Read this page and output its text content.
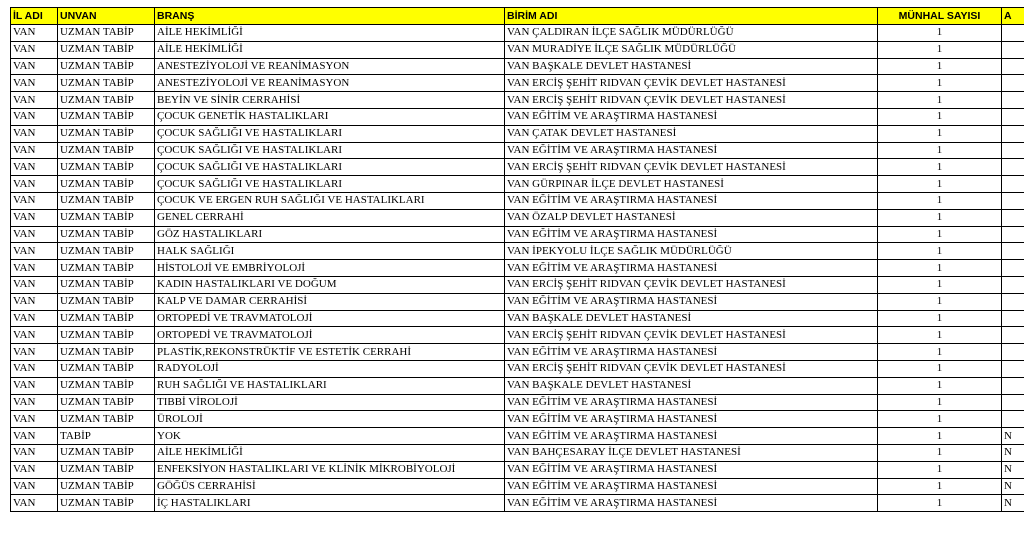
İL ADI	UNVAN	BRANŞ	BİRİM ADI	MÜNHAL SAYISI	A
VAN	UZMAN TABİP	AİLE HEKİMLİĞİ	VAN ÇALDIRAN İLÇE SAĞLIK MÜDÜRLÜĞÜ	1	
VAN	UZMAN TABİP	AİLE HEKİMLİĞİ	VAN MURADİYE İLÇE SAĞLIK MÜDÜRLÜĞÜ	1	
VAN	UZMAN TABİP	ANESTEZİYOLOJİ VE REANİMASYON	VAN BAŞKALE DEVLET HASTANESİ	1	
VAN	UZMAN TABİP	ANESTEZİYOLOJİ VE REANİMASYON	VAN ERCİŞ ŞEHİT RIDVAN ÇEVİK DEVLET HASTANESİ	1	
VAN	UZMAN TABİP	BEYİN VE SİNİR CERRAHİSİ	VAN ERCİŞ ŞEHİT RIDVAN ÇEVİK DEVLET HASTANESİ	1	
VAN	UZMAN TABİP	ÇOCUK GENETİK HASTALIKLARI	VAN EĞİTİM VE ARAŞTIRMA HASTANESİ	1	
VAN	UZMAN TABİP	ÇOCUK SAĞLIĞI VE HASTALIKLARI	VAN ÇATAK DEVLET HASTANESİ	1	
VAN	UZMAN TABİP	ÇOCUK SAĞLIĞI VE HASTALIKLARI	VAN EĞİTİM VE ARAŞTIRMA HASTANESİ	1	
VAN	UZMAN TABİP	ÇOCUK SAĞLIĞI VE HASTALIKLARI	VAN ERCİŞ ŞEHİT RIDVAN ÇEVİK DEVLET HASTANESİ	1	
VAN	UZMAN TABİP	ÇOCUK SAĞLIĞI VE HASTALIKLARI	VAN GÜRPINAR İLÇE DEVLET HASTANESİ	1	
VAN	UZMAN TABİP	ÇOCUK VE ERGEN RUH SAĞLIĞI VE HASTALIKLARI	VAN EĞİTİM VE ARAŞTIRMA HASTANESİ	1	
VAN	UZMAN TABİP	GENEL CERRAHİ	VAN ÖZALP DEVLET HASTANESİ	1	
VAN	UZMAN TABİP	GÖZ HASTALIKLARI	VAN EĞİTİM VE ARAŞTIRMA HASTANESİ	1	
VAN	UZMAN TABİP	HALK SAĞLIĞI	VAN İPEKYOLU İLÇE SAĞLIK MÜDÜRLÜĞÜ	1	
VAN	UZMAN TABİP	HİSTOLOJİ VE EMBRİYOLOJİ	VAN EĞİTİM VE ARAŞTIRMA HASTANESİ	1	
VAN	UZMAN TABİP	KADIN HASTALIKLARI VE DOĞUM	VAN ERCİŞ ŞEHİT RIDVAN ÇEVİK DEVLET HASTANESİ	1	
VAN	UZMAN TABİP	KALP VE DAMAR CERRAHİSİ	VAN EĞİTİM VE ARAŞTIRMA HASTANESİ	1	
VAN	UZMAN TABİP	ORTOPEDİ VE TRAVMATOLOJİ	VAN BAŞKALE DEVLET HASTANESİ	1	
VAN	UZMAN TABİP	ORTOPEDİ VE TRAVMATOLOJİ	VAN ERCİŞ ŞEHİT RIDVAN ÇEVİK DEVLET HASTANESİ	1	
VAN	UZMAN TABİP	PLASTİK,REKONSTRÜKTİF VE ESTETİK CERRAHİ	VAN EĞİTİM VE ARAŞTIRMA HASTANESİ	1	
VAN	UZMAN TABİP	RADYOLOJİ	VAN ERCİŞ ŞEHİT RIDVAN ÇEVİK DEVLET HASTANESİ	1	
VAN	UZMAN TABİP	RUH SAĞLIĞI VE HASTALIKLARI	VAN BAŞKALE DEVLET HASTANESİ	1	
VAN	UZMAN TABİP	TIBBİ VİROLOJİ	VAN EĞİTİM VE ARAŞTIRMA HASTANESİ	1	
VAN	UZMAN TABİP	ÜROLOJİ	VAN EĞİTİM VE ARAŞTIRMA HASTANESİ	1	
VAN	TABİP	YOK	VAN EĞİTİM VE ARAŞTIRMA HASTANESİ	1	N
VAN	UZMAN TABİP	AİLE HEKİMLİĞİ	VAN BAHÇESARAY İLÇE DEVLET HASTANESİ	1	N
VAN	UZMAN TABİP	ENFEKSİYON HASTALIKLARI VE KLİNİK MİKROBİYOLOJİ	VAN EĞİTİM VE ARAŞTIRMA HASTANESİ	1	N
VAN	UZMAN TABİP	GÖĞÜS CERRAHİSİ	VAN EĞİTİM VE ARAŞTIRMA HASTANESİ	1	N
VAN	UZMAN TABİP	İÇ HASTALIKLARI	VAN EĞİTİM VE ARAŞTIRMA HASTANESİ	1	N
